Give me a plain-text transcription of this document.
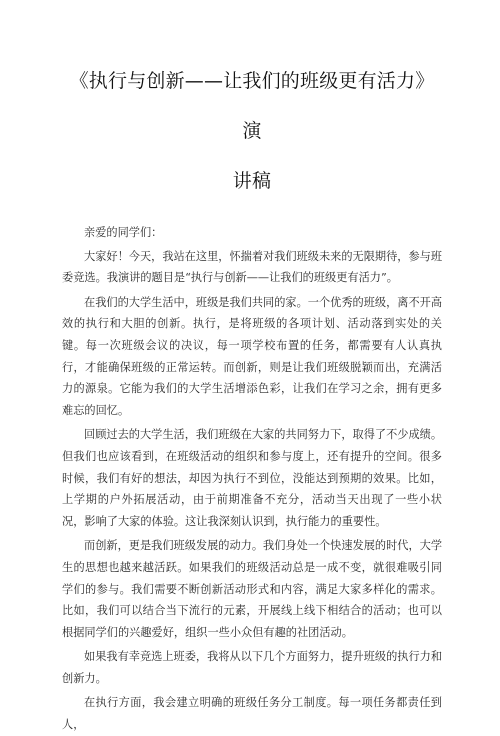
《执行与创新——让我们的班级更有活力》演
讲稿

亲爱的同学们：

大家好！今天，我站在这里，怀揣着对我们班级未来的无限期待，参与班委竞选。我演讲的题目是“执行与创新——让我们的班级更有活力”。

在我们的大学生活中，班级是我们共同的家。一个优秀的班级，离不开高效的执行和大胆的创新。执行，是将班级的各项计划、活动落到实处的关键。每一次班级会议的决议，每一项学校布置的任务，都需要有人认真执行，才能确保班级的正常运转。而创新，则是让我们班级脱颖而出，充满活力的源泉。它能为我们的大学生活增添色彩，让我们在学习之余，拥有更多难忘的回忆。

回顾过去的大学生活，我们班级在大家的共同努力下，取得了不少成绩。但我们也应该看到，在班级活动的组织和参与度上，还有提升的空间。很多时候，我们有好的想法，却因为执行不到位，没能达到预期的效果。比如，上学期的户外拓展活动，由于前期准备不充分，活动当天出现了一些小状况，影响了大家的体验。这让我深刻认识到，执行能力的重要性。

而创新，更是我们班级发展的动力。我们身处一个快速发展的时代，大学生的思想也越来越活跃。如果我们的班级活动总是一成不变，就很难吸引同学们的参与。我们需要不断创新活动形式和内容，满足大家多样化的需求。比如，我们可以结合当下流行的元素，开展线上线下相结合的活动；也可以根据同学们的兴趣爱好，组织一些小众但有趣的社团活动。

如果我有幸竞选上班委，我将从以下几个方面努力，提升班级的执行力和创新力。

在执行方面，我会建立明确的班级任务分工制度。每一项任务都责任到人，
